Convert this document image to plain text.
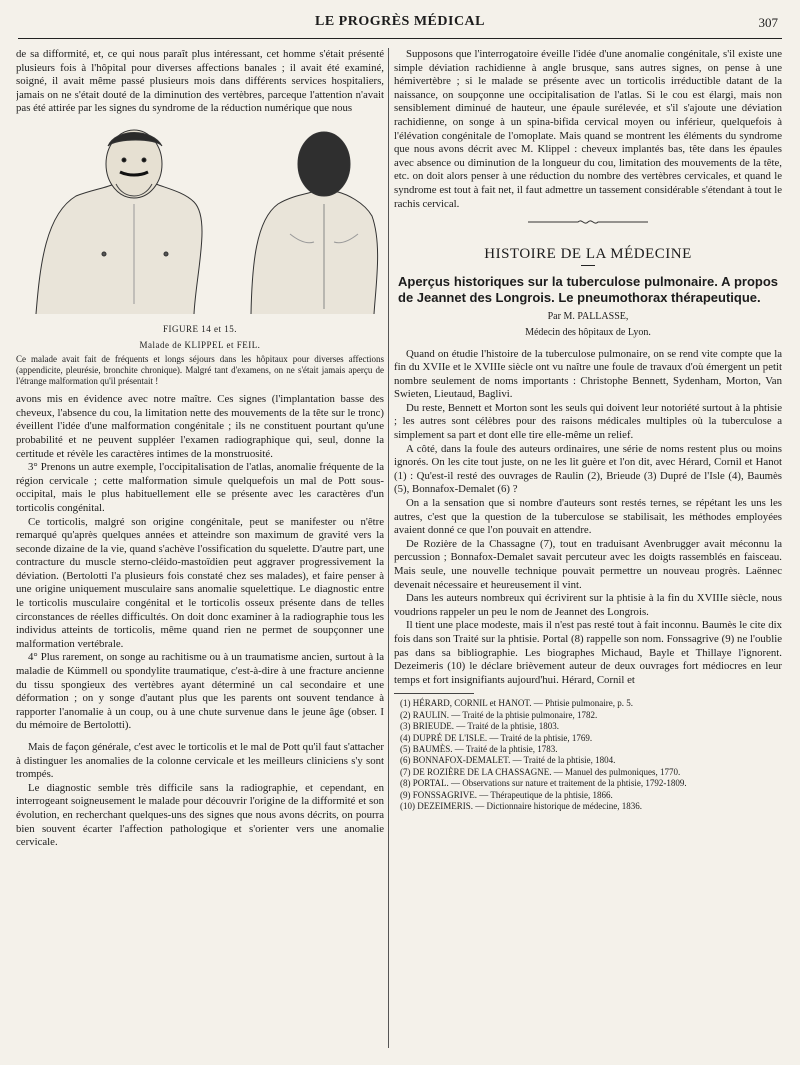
LE PROGRÈS MÉDICAL	307

de sa difformité, et, ce qui nous paraît plus intéressant, cet homme s'était présenté plusieurs fois à l'hôpital pour diverses affections banales ; il avait été examiné, soigné, il avait même passé plusieurs mois dans différents services hospitaliers, jamais on ne s'était douté de la diminution des vertèbres, parceque l'attention n'avait pas été attirée par les signes du syndrome de la réduction numérique que nous

FIGURE 14 et 15.
Malade de KLIPPEL et FEIL.
Ce malade avait fait de fréquents et longs séjours dans les hôpitaux pour diverses affections (appendicite, pleurésie, bronchite chronique). Malgré tant d'examens, on ne s'était jamais aperçu de l'étrange malformation qu'il présentait !

avons mis en évidence avec notre maître. Ces signes (l'implantation basse des cheveux, l'absence du cou, la limitation nette des mouvements de la tête sur le tronc) éveillent l'idée d'une malformation congénitale ; ils ne constituent pourtant qu'une probabilité et ne peuvent suppléer l'examen radiographique qui, seul, donne la certitude et révèle les caractères intimes de la monstruosité.

3° Prenons un autre exemple, l'occipitalisation de l'atlas, anomalie fréquente de la région cervicale ; cette malformation simule quelquefois un mal de Pott sous-occipital, mais le plus habituellement elle se présente avec les caractères d'un torticolis congénital.

Ce torticolis, malgré son origine congénitale, peut se manifester ou n'être remarqué qu'après quelques années et atteindre son maximum de gravité vers la seconde dizaine de la vie, quand s'achève l'ossification du squelette. D'autre part, une contracture du muscle sterno-cléido-mastoïdien peut aggraver progressivement la déviation. (Bertolotti l'a plusieurs fois constaté chez ses malades), et faire penser à une origine uniquement musculaire sans anomalie squelettique. Le diagnostic entre le torticolis musculaire congénital et le torticolis osseux présente dans de telles circonstances de réelles difficultés. On doit donc examiner à la radiographie tous les individus atteints de torticolis, même quand rien ne permet de soupçonner une malformation vertébrale.

4° Plus rarement, on songe au rachitisme ou à un traumatisme ancien, surtout à la maladie de Kümmell ou spondylite traumatique, c'est-à-dire à une fracture ancienne du tissu spongieux des vertèbres ayant déterminé un cal secondaire et une déformation ; on y songe d'autant plus que les parents ont souvent tendance à rapporter l'anomalie à un coup, ou à une chute survenue dans le jeune âge (obser. I du mémoire de Bertolotti).

Mais de façon générale, c'est avec le torticolis et le mal de Pott qu'il faut s'attacher à distinguer les anomalies de la colonne cervicale et les meilleurs cliniciens s'y sont trompés.

Le diagnostic semble très difficile sans la radiographie, et cependant, en interrogeant soigneusement le malade pour découvrir l'origine de la difformité et son évolution, en recherchant quelques-uns des signes que nous avons décrits, on pourra bien souvent écarter l'affection pathologique et s'orienter vers une anomalie cervicale.

Supposons que l'interrogatoire éveille l'idée d'une anomalie congénitale, s'il existe une simple déviation rachidienne à angle brusque, sans autres signes, on pense à une hémivertèbre ; si le malade se présente avec un torticolis irréductible datant de la naissance, on soupçonne une occipitalisation de l'atlas. Si le cou est élargi, mais non sensiblement diminué de hauteur, une épaule surélevée, et s'il s'ajoute une déviation rachidienne, on songe à un spina-bifida cervical moyen ou inférieur, quelquefois à l'élévation congénitale de l'omoplate. Mais quand se montrent les éléments du syndrome que nous avons décrit avec M. Klippel : cheveux implantés bas, tête dans les épaules avec absence ou diminution de la longueur du cou, limitation des mouvements de la tête, etc. on doit alors penser à une réduction du nombre des vertèbres cervicales, et quand le syndrome est tout à fait net, il faut admettre un tassement considérable s'étendant à tout le rachis cervical.

HISTOIRE DE LA MÉDECINE
Aperçus historiques sur la tuberculose pulmonaire. A propos de Jeannet des Longrois. Le pneumothorax thérapeutique.
Par M. PALLASSE,
Médecin des hôpitaux de Lyon.

Quand on étudie l'histoire de la tuberculose pulmonaire, on se rend vite compte que la fin du XVIIe et le XVIIIe siècle ont vu naître une foule de travaux d'où émergent un petit nombre seulement de noms importants : Christophe Bennett, Sydenham, Morton, Van Swieten, Lieutaud, Baglivi.

Du reste, Bennett et Morton sont les seuls qui doivent leur notoriété surtout à la phtisie ; les autres sont célèbres pour des raisons médicales multiples où la tuberculose a simplement sa part et dont elle tire elle-même un relief.

A côté, dans la foule des auteurs ordinaires, une série de noms restent plus ou moins ignorés. On les cite tout juste, on ne les lit guère et l'on dit, avec Hérard, Cornil et Hanot (1) : Qu'est-il resté des ouvrages de Raulin (2), Brieude (3) Dupré de l'Isle (4), Baumès (5), Bonnafox-Demalet (6) ?

On a la sensation que si nombre d'auteurs sont restés ternes, se répétant les uns les autres, c'est que la question de la tuberculose se stabilisait, les méthodes employées avaient donné ce que l'on pouvait en attendre.

De Rozière de la Chassagne (7), tout en traduisant Avenbrugger avait méconnu la percussion ; Bonnafox-Demalet savait percuteur avec les doigts rassemblés en faisceau. Mais seule, une nouvelle technique pouvait permettre un nouveau progrès. Laënnec devenait nécessaire et heureusement il vint.

Dans les auteurs nombreux qui écrivirent sur la phtisie à la fin du XVIIIe siècle, nous voudrions rappeler un peu le nom de Jeannet des Longrois.

Il tient une place modeste, mais il n'est pas resté tout à fait inconnu. Baumès le cite dix fois dans son Traité sur la phtisie. Portal (8) rappelle son nom. Fonssagrive (9) ne l'oublie pas dans sa bibliographie. Les biographes Michaud, Bayle et Thillaye l'ignorent. Dezeimeris (10) le déclare brièvement auteur de deux ouvrages fort médiocres en leur temps et fort insignifiants aujourd'hui. Hérard, Cornil et

(1) HÉRARD, CORNIL et HANOT. — Phtisie pulmonaire, p. 5.
(2) RAULIN. — Traité de la phtisie pulmonaire, 1782.
(3) BRIEUDE. — Traité de la phtisie, 1803.
(4) DUPRÉ DE L'ISLE. — Traité de la phtisie, 1769.
(5) BAUMÈS. — Traité de la phtisie, 1783.
(6) BONNAFOX-DEMALET. — Traité de la phtisie, 1804.
(7) DE ROZIÈRE DE LA CHASSAGNE. — Manuel des pulmoniques, 1770.
(8) PORTAL. — Observations sur nature et traitement de la phtisie, 1792-1809.
(9) FONSSAGRIVE. — Thérapeutique de la phtisie, 1866.
(10) DEZEIMERIS. — Dictionnaire historique de médecine, 1836.
